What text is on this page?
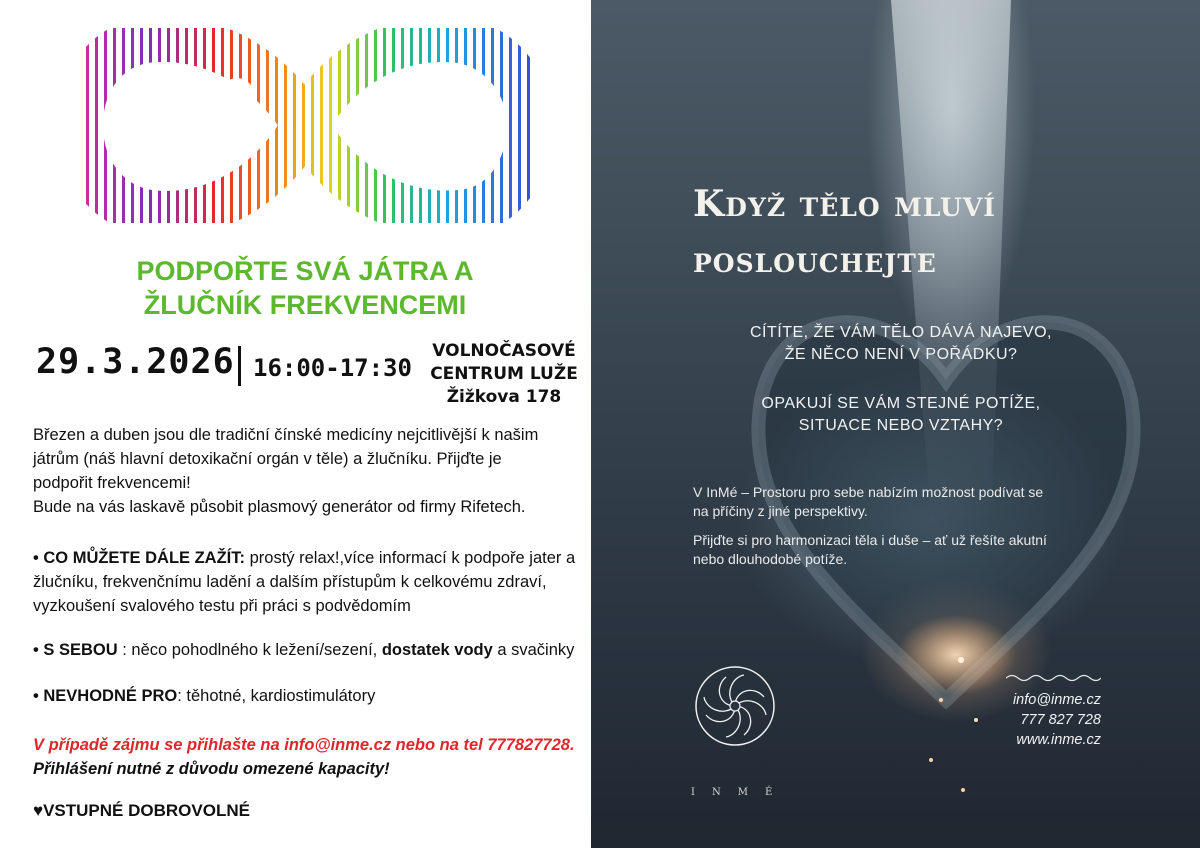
PODPOŘTE SVÁ JÁTRA A
ŽLUČNÍK FREKVENCEMI
29.3.2026 16:00-17:30
VOLNOČASOVÉ
CENTRUM LUŽE
Žižkova 178
Březen a duben jsou dle tradiční čínské medicíny nejcitlivější k našim
játrům (náš hlavní detoxikační orgán v těle) a žlučníku. Přijďte je
podpořit frekvencemi!
Bude na vás laskavě působit plasmový generátor od firmy Rifetech.
• CO MŮŽETE DÁLE ZAŽÍT: prostý relax!,více informací k podpoře jater a
žlučníku, frekvenčnímu ladění a dalším přístupům k celkovému zdraví,
vyzkoušení svalového testu při práci s podvědomím
• S SEBOU : něco pohodlného k ležení/sezení, dostatek vody a svačinky
• NEVHODNÉ PRO: těhotné, kardiostimulátory
V případě zájmu se přihlašte na info@inme.cz nebo na tel 777827728.
Přihlášení nutné z důvodu omezené kapacity!
♥VSTUPNÉ DOBROVOLNÉ
Když tělo mluví
poslouchejte
CÍTÍTE, ŽE VÁM TĚLO DÁVÁ NAJEVO,
ŽE NĚCO NENÍ V POŘÁDKU?
OPAKUJÍ SE VÁM STEJNÉ POTÍŽE,
SITUACE NEBO VZTAHY?
V InMé – Prostoru pro sebe nabízím možnost podívat se
na příčiny z jiné perspektivy.
Přijďte si pro harmonizaci těla i duše – ať už řešíte akutní
nebo dlouhodobé potíže.
info@inme.cz
777 827 728
www.inme.cz
INMÉ
